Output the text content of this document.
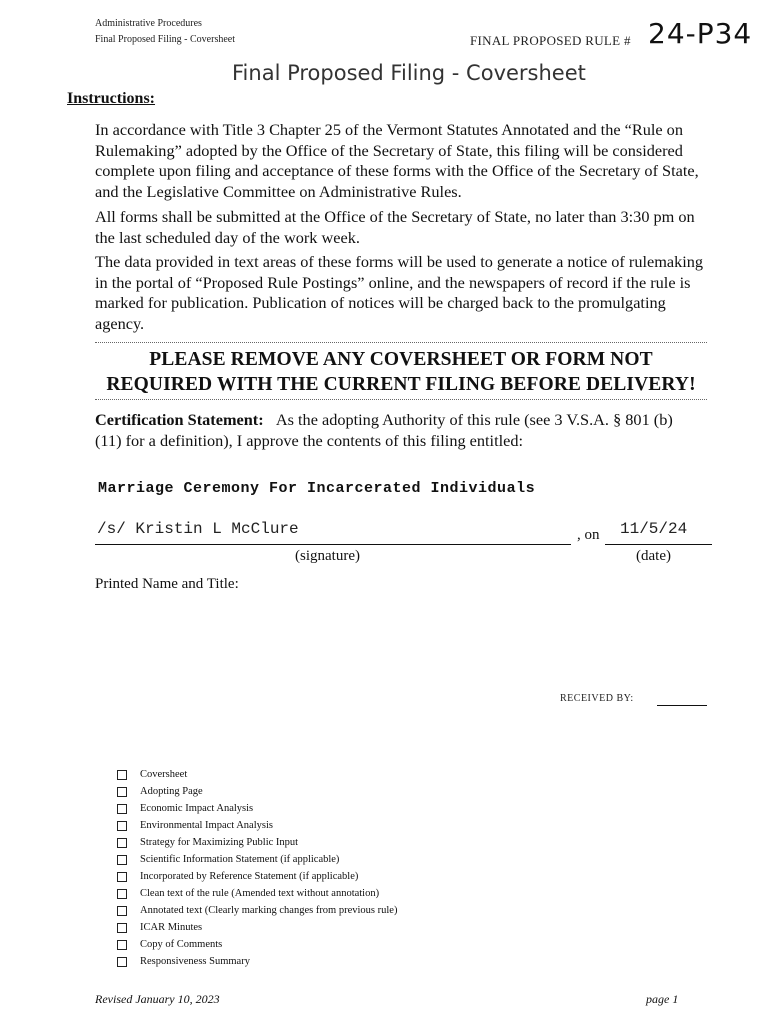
Administrative Procedures
Final Proposed Filing - Coversheet	FINAL PROPOSED RULE # 24-P34
Final Proposed Filing - Coversheet
Instructions:
In accordance with Title 3 Chapter 25 of the Vermont Statutes Annotated and the “Rule on Rulemaking” adopted by the Office of the Secretary of State, this filing will be considered complete upon filing and acceptance of these forms with the Office of the Secretary of State, and the Legislative Committee on Administrative Rules.
All forms shall be submitted at the Office of the Secretary of State, no later than 3:30 pm on the last scheduled day of the work week.
The data provided in text areas of these forms will be used to generate a notice of rulemaking in the portal of “Proposed Rule Postings” online, and the newspapers of record if the rule is marked for publication. Publication of notices will be charged back to the promulgating agency.
PLEASE REMOVE ANY COVERSHEET OR FORM NOT
REQUIRED WITH THE CURRENT FILING BEFORE DELIVERY!
Certification Statement: As the adopting Authority of this rule (see 3 V.S.A. § 801 (b) (11) for a definition), I approve the contents of this filing entitled:
Marriage Ceremony For Incarcerated Individuals
/s/ Kristin L McClure	, on 11/5/24
(signature)	(date)
Printed Name and Title:
RECEIVED BY:
Coversheet
Adopting Page
Economic Impact Analysis
Environmental Impact Analysis
Strategy for Maximizing Public Input
Scientific Information Statement (if applicable)
Incorporated by Reference Statement (if applicable)
Clean text of the rule (Amended text without annotation)
Annotated text (Clearly marking changes from previous rule)
ICAR Minutes
Copy of Comments
Responsiveness Summary
Revised January 10, 2023	page 1
